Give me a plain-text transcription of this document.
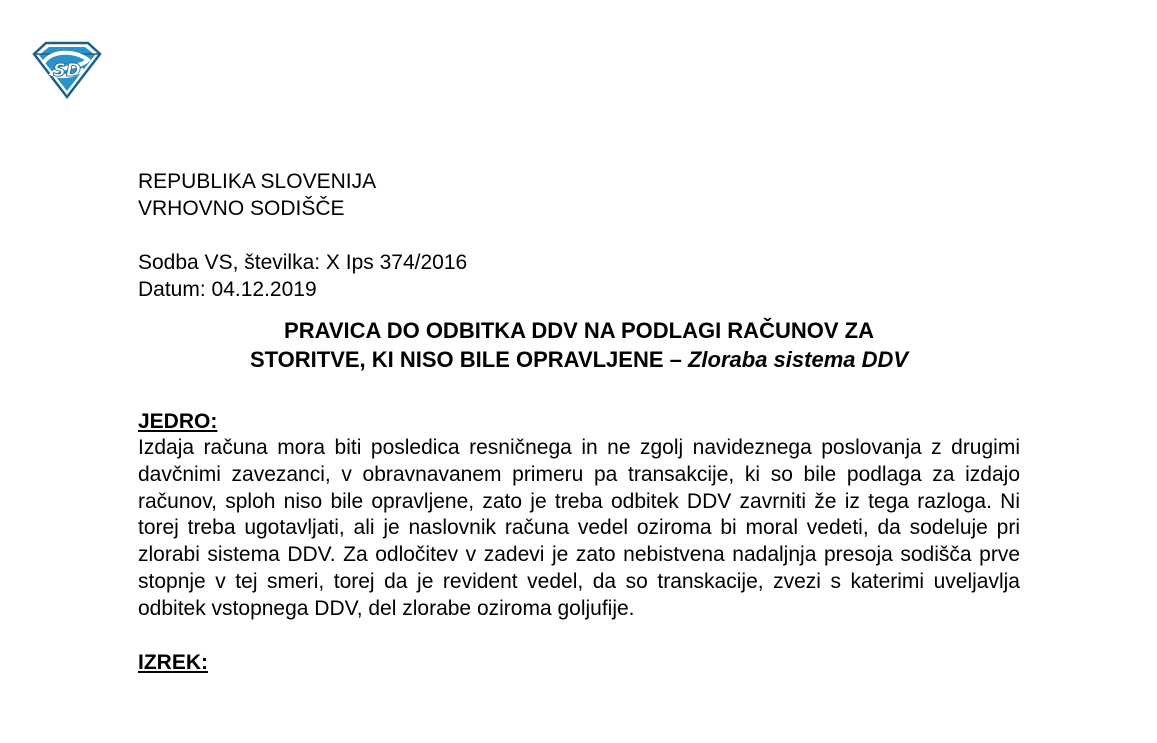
SD

REPUBLIKA SLOVENIJA

VRHOVNO SODIŠČE

Sodba VS, številka: X Ips 374/2016

Datum: 04.12.2019

PRAVICA DO ODBITKA DDV NA PODLAGI RAČUNOV ZA
STORITVE, KI NISO BILE OPRAVLJENE – Zloraba sistema DDV

JEDRO:

Izdaja računa mora biti posledica resničnega in ne zgolj navideznega poslovanja z drugimi davčnimi zavezanci, v obravnavanem primeru pa transakcije, ki so bile podlaga za izdajo računov, sploh niso bile opravljene, zato je treba odbitek DDV zavrniti že iz tega razloga. Ni torej treba ugotavljati, ali je naslovnik računa vedel oziroma bi moral vedeti, da sodeluje pri zlorabi sistema DDV. Za odločitev v zadevi je zato nebistvena nadaljnja presoja sodišča prve stopnje v tej smeri, torej da je revident vedel, da so transkacije, zvezi s katerimi uveljavlja odbitek vstopnega DDV, del zlorabe oziroma goljufije.

IZREK:
